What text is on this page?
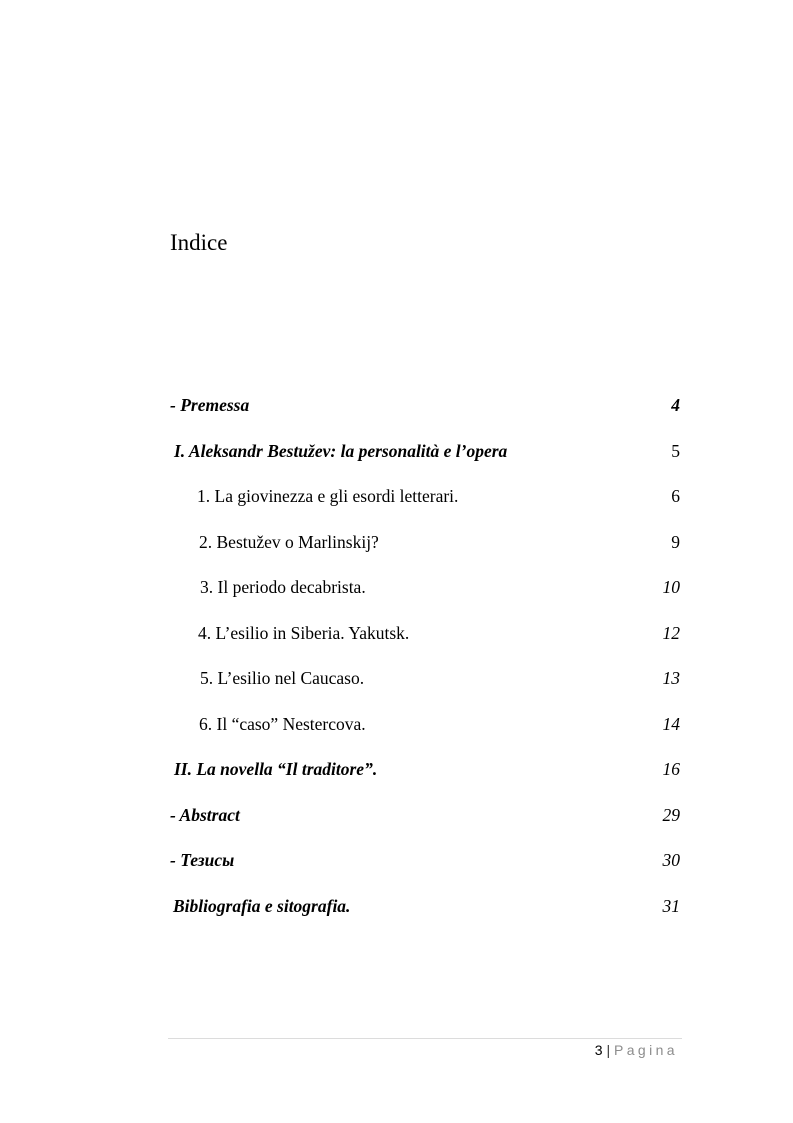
Indice
- Premessa	4
I. Aleksandr Bestužev: la personalità e l’opera	5
1. La giovinezza e gli esordi letterari.	6
2. Bestužev o Marlinskij?	9
3. Il periodo decabrista.	10
4. L’esilio in Siberia. Yakutsk.	12
5. L’esilio nel Caucaso.	13
6. Il “caso” Nestercova.	14
II. La novella “Il traditore”.	16
- Abstract	29
- Тезисы	30
Bibliografia e sitografia.	31
3 | Pagina
